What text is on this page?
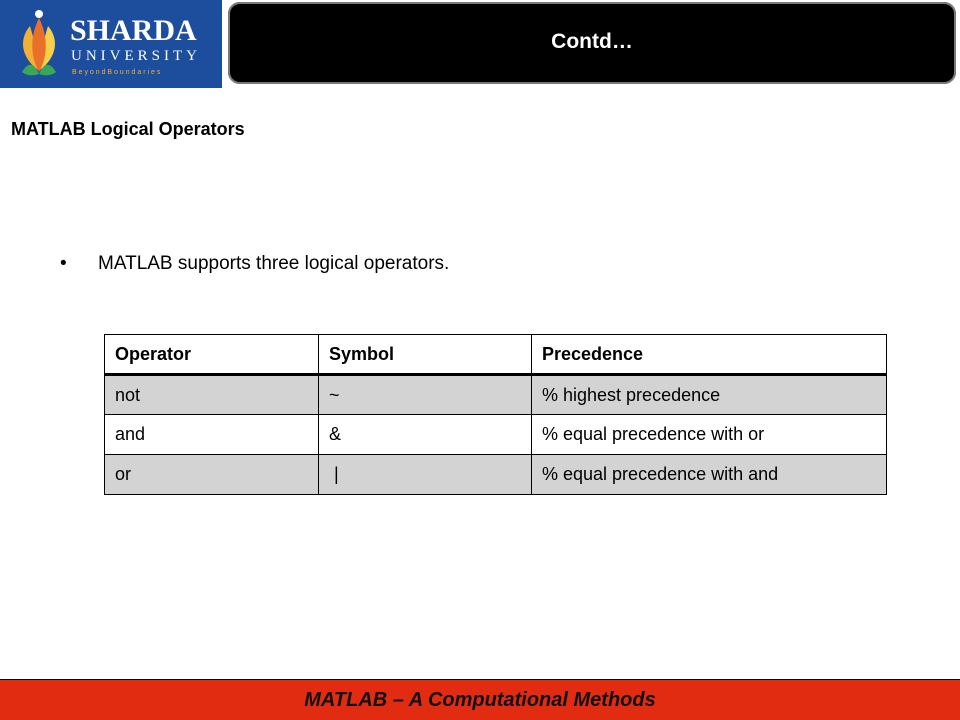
SHARDA
UNIVERSITY
B e y o n d B o u n d a r i e s
Contd…
MATLAB Logical Operators
•	MATLAB supports three logical operators.
Operator	Symbol	Precedence
not	~	% highest precedence
and	&	% equal precedence with or
or	|	% equal precedence with and
MATLAB – A Computational Methods
